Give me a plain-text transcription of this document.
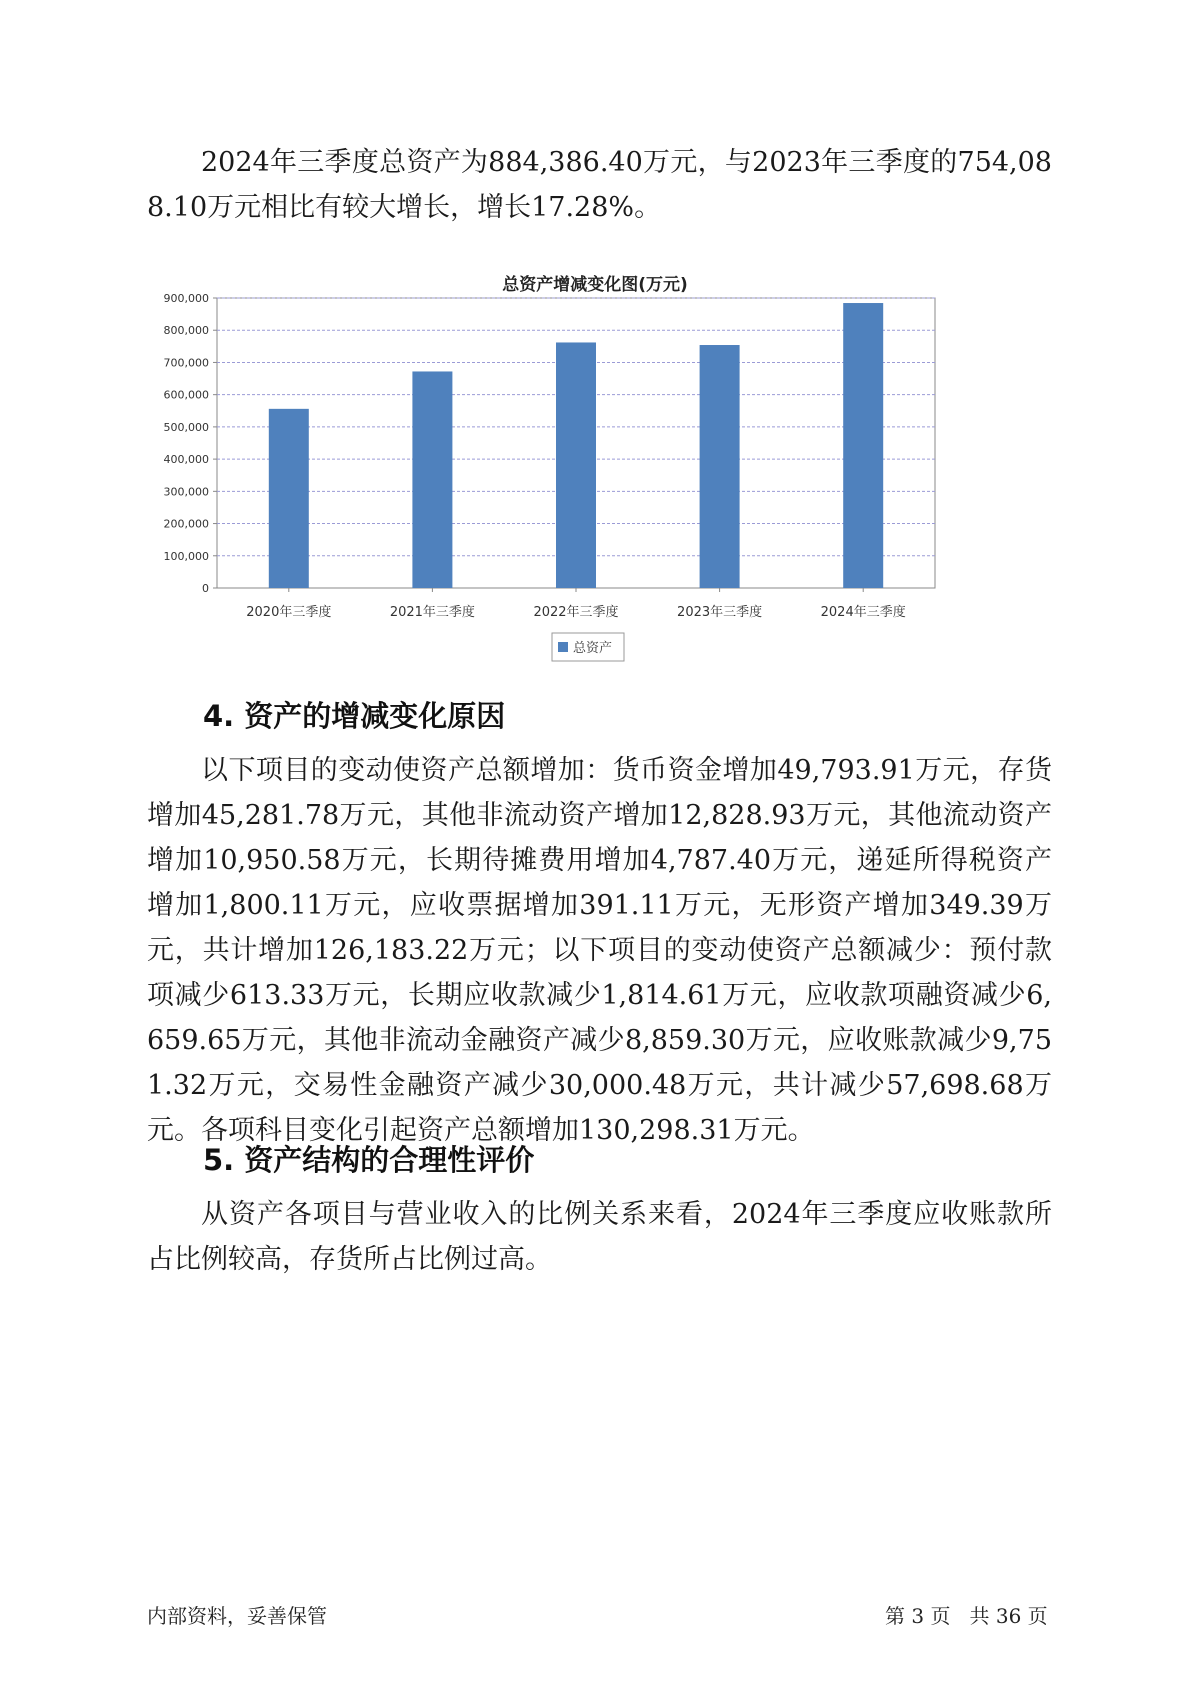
2024年三季度总资产为884,386.40万元，与2023年三季度的754,088.10万元相比有较大增长，增长17.28%。

总资产增减变化图(万元)
0
100,000
200,000
300,000
400,000
500,000
600,000
700,000
800,000
900,000
2020年三季度	2021年三季度	2022年三季度	2023年三季度	2024年三季度
总资产
4. 资产的增减变化原因

以下项目的变动使资产总额增加：货币资金增加49,793.91万元，存货增加45,281.78万元，其他非流动资产增加12,828.93万元，其他流动资产增加10,950.58万元，长期待摊费用增加4,787.40万元，递延所得税资产增加1,800.11万元，应收票据增加391.11万元，无形资产增加349.39万元，共计增加126,183.22万元；以下项目的变动使资产总额减少：预付款项减少613.33万元，长期应收款减少1,814.61万元，应收款项融资减少6,659.65万元，其他非流动金融资产减少8,859.30万元，应收账款减少9,751.32万元，交易性金融资产减少30,000.48万元，共计减少57,698.68万元。各项科目变化引起资产总额增加130,298.31万元。

5. 资产结构的合理性评价

从资产各项目与营业收入的比例关系来看，2024年三季度应收账款所占比例较高，存货所占比例过高。

内部资料，妥善保管	第 3 页   共 36 页
